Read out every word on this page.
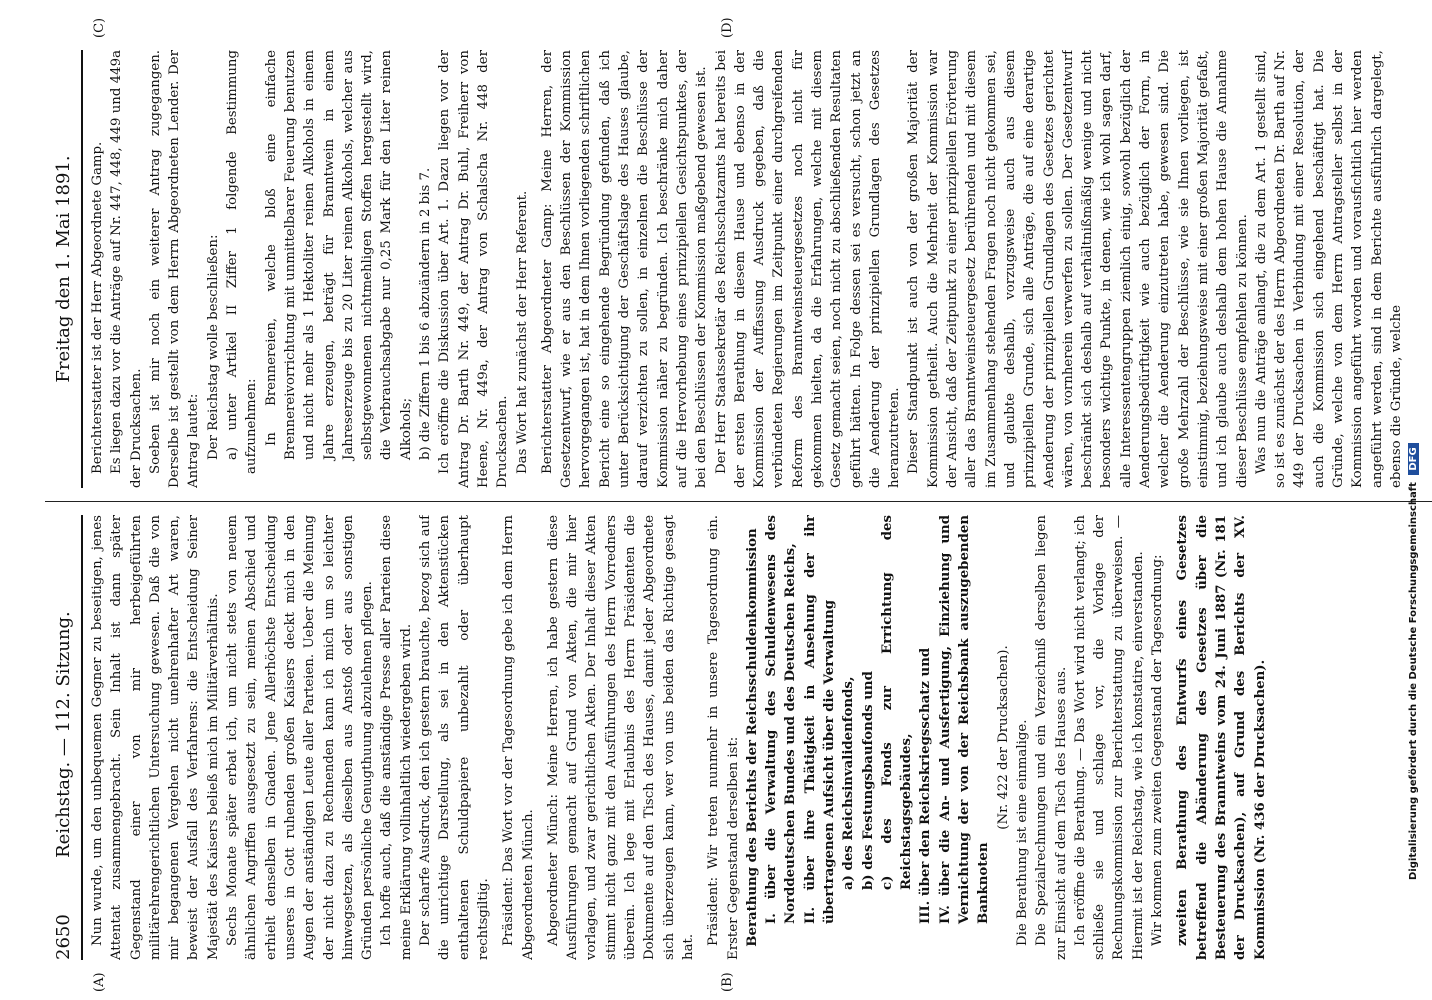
2650
Reichstag. — 112. Sitzung.
Freitag den 1. Mai 1891.
(A)	(B)
(C)	(D)

Nun wurde, um den unbequemen Gegner zu beseitigen, jenes Attentat zusammengebracht. Sein Inhalt ist dann später Gegenstand einer von mir herbeigeführten militärehrengerichtlichen Untersuchung gewesen. Daß die von mir begangenen Vergehen nicht unehrenhafter Art waren, beweist der Ausfall des Verfahrens: die Entscheidung Seiner Majestät des Kaisers beließ mich im Militärverhältnis. Sechs Monate später erbat ich, um nicht stets von neuem ähnlichen Angriffen ausgesetzt zu sein, meinen Abschied und erhielt denselben in Gnaden. Jene Allerhöchste Entscheidung unseres in Gott ruhenden großen Kaisers deckt mich in den Augen der anständigen Leute aller Parteien. Ueber die Meinung der nicht dazu zu Rechnenden kann ich mich um so leichter hinwegsetzen, als dieselben aus Anstoß oder aus sonstigen Gründen persönliche Genugthuung abzulehnen pflegen. Ich hoffe auch, daß die anständige Presse aller Parteien diese meine Erklärung vollinhaltlich wiedergeben wird. Der scharfe Ausdruck, den ich gestern brauchte, bezog sich auf die unrichtige Darstellung, als sei in den Aktenstücken enthaltenen Schuldpapiere unbezahlt oder überhaupt rechtsgiltig. Präsident: Das Wort vor der Tagesordnung gebe ich dem Herrn Abgeordneten Münch. Abgeordneter Münch: Meine Herren, ich habe gestern diese Ausführungen gemacht auf Grund von Akten, die mir hier vorlagen, und zwar gerichtlichen Akten. Der Inhalt dieser Akten stimmt nicht ganz mit den Ausführungen des Herrn Vorredners überein. Ich lege mit Erlaubnis des Herrn Präsidenten die Dokumente auf den Tisch des Hauses, damit jeder Abgeordnete sich überzeugen kann, wer von uns beiden das Richtige gesagt hat.

Präsident: Wir treten nunmehr in unsere Tagesordnung ein. Erster Gegenstand derselben ist: Berathung des Berichts der Reichsschuldenkommission I. über die Verwaltung des Schuldenwesens des Norddeutschen Bundes und des Deutschen Reichs, II. über ihre Thätigkeit in Ansehung der ihr übertragenen Aufsicht über die Verwaltung a) des Reichsinvalidenfonds, b) des Festungsbaufonds und c) des Fonds zur Errichtung des Reichstagsgebäudes, III. über den Reichskriegsschatz und IV. über die An- und Ausfertigung, Einziehung und Vernichtung der von der Reichsbank auszugebenden Banknoten

(Nr. 422 der Drucksachen). Die Berathung ist eine einmalige. Die Spezialrechnungen und ein Verzeichniß derselben liegen zur Einsicht auf dem Tisch des Hauses aus. Ich eröffne die Berathung. — Das Wort wird nicht verlangt; ich schließe sie und schlage vor, die Vorlage der Rechnungskommission zur Berichterstattung zu überweisen. — Hiermit ist der Reichstag, wie ich konstatire, einverstanden. Wir kommen zum zweiten Gegenstand der Tagesordnung: zweiten Berathung des Entwurfs eines Gesetzes betreffend die Abänderung des Gesetzes über die Besteuerung des Branntweins vom 24. Juni 1887 (Nr. 181 der Drucksachen), auf Grund des Berichts der XV. Kommission (Nr. 436 der Drucksachen).

Berichterstatter ist der Herr Abgeordnete Gamp. Es liegen dazu vor die Anträge auf Nr. 447, 448, 449 und 449a der Drucksachen. Soeben ist mir noch ein weiterer Antrag zugegangen. Derselbe ist gestellt von dem Herrn Abgeordneten Lender. Der Antrag lautet: Der Reichstag wolle beschließen: a) unter Artikel II Ziffer 1 folgende Bestimmung aufzunehmen: In Brennereien, welche bloß eine einfache Brennereivorrichtung mit unmittelbarer Feuerung benutzen und nicht mehr als 1 Hektoliter reinen Alkohols in einem Jahre erzeugen, beträgt für Branntwein in einem Jahreserzeuge bis zu 20 Liter reinen Alkohols, welcher aus selbstgewonnenen nichtmehligen Stoffen hergestellt wird, die Verbrauchsabgabe nur 0,25 Mark für den Liter reinen Alkohols; b) die Ziffern 1 bis 6 abzuändern in 2 bis 7. Ich eröffne die Diskussion über Art. 1. Dazu liegen vor der Antrag Dr. Barth Nr. 449, der Antrag Dr. Buhl, Freiherr von Heene, Nr. 449a, der Antrag von Schalscha Nr. 448 der Drucksachen. Das Wort hat zunächst der Herr Referent. Berichterstatter Abgeordneter Gamp: Meine Herren, der Gesetzentwurf, wie er aus den Beschlüssen der Kommission hervorgegangen ist, hat in dem Ihnen vorliegenden schriftlichen Bericht eine so eingehende Begründung gefunden, daß ich unter Berücksichtigung der Geschäftslage des Hauses glaube, darauf verzichten zu sollen, in einzelnen die Beschlüsse der Kommission näher zu begründen. Ich beschränke mich daher auf die Hervorhebung eines prinzipiellen Gesichtspunktes, der bei den Beschlüssen der Kommission maßgebend gewesen ist. Der Herr Staatssekretär des Reichsschatzamts hat bereits bei der ersten Berathung in diesem Hause und ebenso in der Kommission der Auffassung Ausdruck gegeben, daß die verbündeten Regierungen im Zeitpunkt einer durchgreifenden Reform des Branntweinsteuergesetzes noch nicht für gekommen hielten, da die Erfahrungen, welche mit diesem Gesetz gemacht seien, noch nicht zu abschließenden Resultaten geführt hätten. In Folge dessen sei es versucht, schon jetzt an die Aenderung der prinzipiellen Grundlagen des Gesetzes heranzutreten. Dieser Standpunkt ist auch von der großen Majorität der Kommission getheilt. Auch die Mehrheit der Kommission war der Ansicht, daß der Zeitpunkt zu einer prinzipiellen Erörterung aller das Branntweinsteuergesetz berührenden und mit diesem im Zusammenhang stehenden Fragen noch nicht gekommen sei, und glaubte deshalb, vorzugsweise auch aus diesem prinzipiellen Grunde, sich alle Anträge, die auf eine derartige Aenderung der prinzipiellen Grundlagen des Gesetzes gerichtet wären, von vornherein verwerfen zu sollen. Der Gesetzentwurf beschränkt sich deshalb auf verhältnißmäßig wenige und nicht besonders wichtige Punkte, in denen, wie ich wohl sagen darf, alle Interessentengruppen ziemlich einig, sowohl bezüglich der Aenderungsbedürftigkeit wie auch bezüglich der Form, in welcher die Aenderung einzutreten habe, gewesen sind. Die große Mehrzahl der Beschlüsse, wie sie Ihnen vorliegen, ist einstimmig, beziehungsweise mit einer großen Majorität gefaßt, und ich glaube auch deshalb dem hohen Hause die Annahme dieser Beschlüsse empfehlen zu können. Was nun die Anträge anlangt, die zu dem Art. 1 gestellt sind, so ist es zunächst der des Herrn Abgeordneten Dr. Barth auf Nr. 449 der Drucksachen in Verbindung mit einer Resolution, der auch die Kommission sich eingehend beschäftigt hat. Die Gründe, welche von dem Herrn Antragsteller selbst in der Kommission angeführt worden und vorausfichtlich hier werden angeführt werden, sind in dem Berichte ausführlich dargelegt, ebenso die Gründe, welche

Digitalisierung gefördert durch die Deutsche Forschungsgemeinschaft DFG
